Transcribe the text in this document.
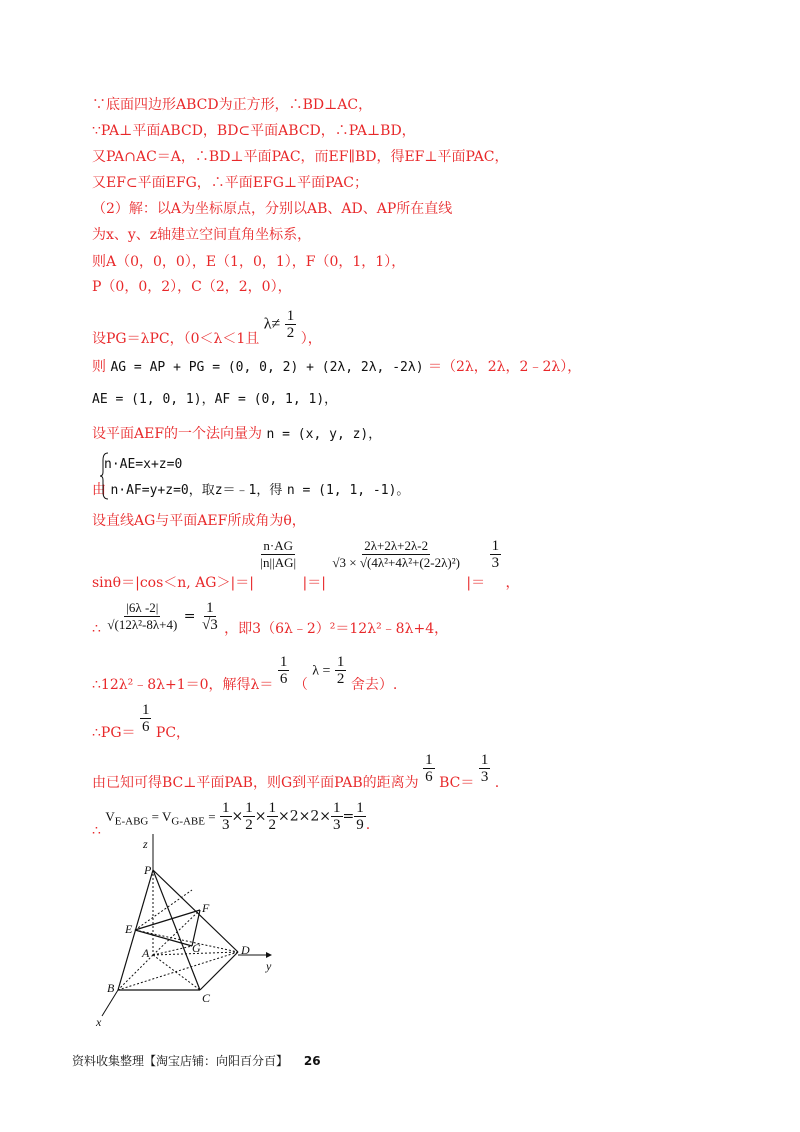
∵底面四边形ABCD为正方形，∴BD⊥AC，
∵PA⊥平面ABCD，BD⊂平面ABCD，∴PA⊥BD，
又PA∩AC＝A，∴BD⊥平面PAC，而EF∥BD，得EF⊥平面PAC，
又EF⊂平面EFG，∴平面EFG⊥平面PAC；
（2）解：以A为坐标原点，分别以AB、AD、AP所在直线
为x、y、z轴建立空间直角坐标系，
则A（0，0，0），E（1，0，1），F（0，1，1），
P（0，0，2），C（2，2，0），
设PG＝λPC，（0＜λ＜1且 $\lambda\ne \frac{1}{2}$ ），
则 AG = AP + PG = (0, 0, 2) + (2λ, 2λ, -2λ) ＝（2λ，2λ，2﹣2λ），
AE = (1, 0, 1)，AF = (0, 1, 1)，
设平面AEF的一个法向量为 n = (x, y, z)，
n·AE=x+z=0
由 n·AF=y+z=0，取z＝﹣1，得 n = (1, 1, -1)。
设直线AG与平面AEF所成角为θ，
sinθ＝|cos＜n, AG＞|＝|
$\frac{n\cdot AG}{|n||AG|}$
|＝|
$\frac{2\lambda+2\lambda+2\lambda-2}{\text{√3 × √(4λ²+4λ²+(2-2λ)²)}}$
|＝
$\frac{1}{3}$
，
∴ $\frac{|6\lambda -2|}{\text{√(12λ²-8λ+4)}} = \frac{1}{√3}$ ，即3（6λ﹣2）²＝12λ²﹣8λ+4，
∴12λ²﹣8λ+1＝0，解得$\lambda= \frac{1}{6}$ （ $\lambda = \frac{1}{2}$ 舍去）.
∴PG＝ $\frac{1}{6}$ PC，
由已知可得BC⊥平面PAB，则G到平面PAB的距离为 $\frac{1}{6} BC= \frac{1}{3}$ .
∴ $V_{E-ABG} = V_{G-ABE} = \frac{1}{3} \times \frac{1}{2} \times \frac{1}{2} \times 2\times 2\times \frac{1}{3} = \frac{1}{9}$ .
z
P
F
E
G
A	D
y
B
C
x
资料收集整理【淘宝店铺：向阳百分百】 26
